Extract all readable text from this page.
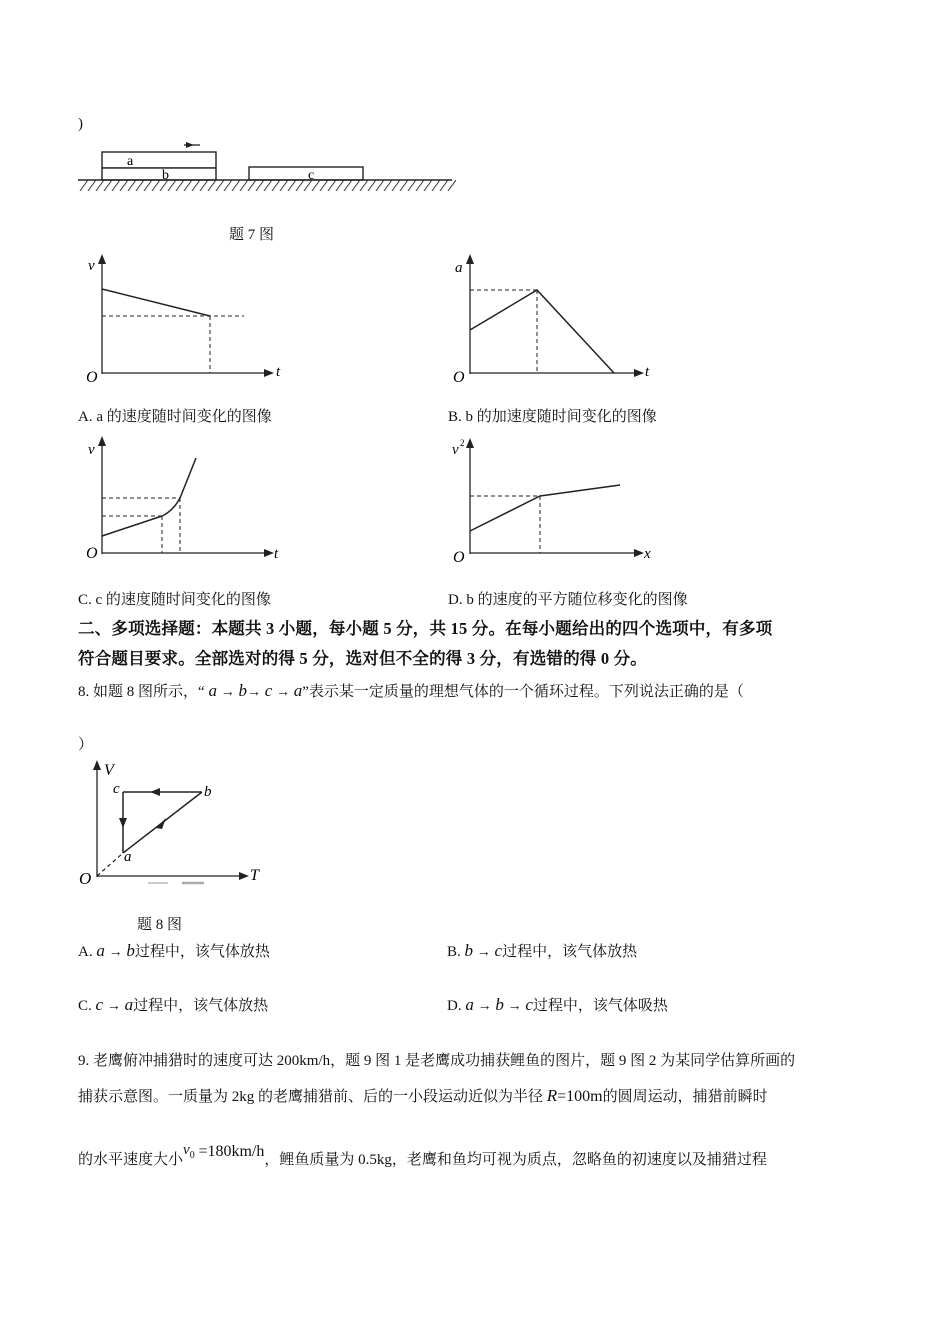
)
a
b	c
题 7 图
v
t
O
A. a 的速度随时间变化的图像
a
t
O
B. b 的加速度随时间变化的图像
v
t
O
C. c 的速度随时间变化的图像
v 2
x
O
D. b 的速度的平方随位移变化的图像
二、多项选择题：本题共 3 小题，每小题 5 分，共 15 分。在每小题给出的四个选项中，有多项
符合题目要求。全部选对的得 5 分，选对但不全的得 3 分，有选错的得 0 分。
8. 如题 8 图所示，“ a → b→ c → a”表示某一定质量的理想气体的一个循环过程。下列说法正确的是（
）
V
T
O
a
b
c
题 8 图
A. a → b过程中，该气体放热	B. b → c过程中，该气体放热
C. c → a过程中，该气体放热	D. a → b → c过程中，该气体吸热
9. 老鹰俯冲捕猎时的速度可达 200km/h，题 9 图 1 是老鹰成功捕获鲤鱼的图片，题 9 图 2 为某同学估算所画的
捕获示意图。一质量为 2kg 的老鹰捕猎前、后的一小段运动近似为半径 R=100m的圆周运动，捕猎前瞬时
的水平速度大小$v_0 =180km/h$，鲤鱼质量为 0.5kg，老鹰和鱼均可视为质点，忽略鱼的初速度以及捕猎过程
